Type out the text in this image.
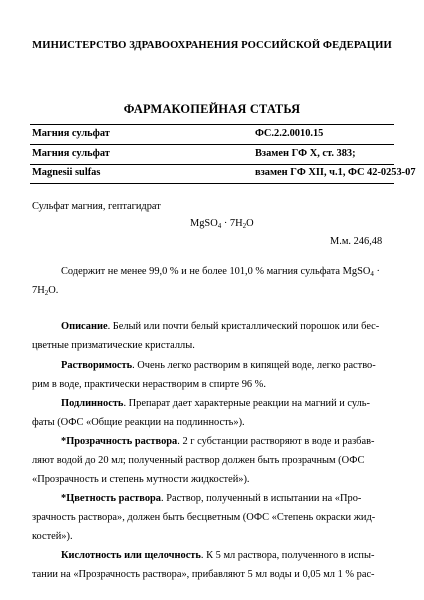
МИНИСТЕРСТВО ЗДРАВООХРАНЕНИЯ РОССИЙСКОЙ ФЕДЕРАЦИИ
ФАРМАКОПЕЙНАЯ СТАТЬЯ
Магния сульфат	ФС.2.2.0010.15
Магния сульфат	Взамен ГФ X, ст. 383;
Magnesii sulfas	взамен ГФ XII, ч.1, ФС 42-0253-07
Сульфат магния, гептагидрат
MgSO$_4$ · $7H_2O$
М.м. 246,48
Содержит не менее 99,0 % и не более 101,0 % магния сульфата MgSO$_4$ ·
$7H_2O$.
Описание. Белый или почти белый кристаллический порошок или бес-
цветные призматические кристаллы.
Растворимость. Очень легко растворим в кипящей воде, легко раство-
рим в воде, практически нерастворим в спирте 96 %.
Подлинность. Препарат дает характерные реакции на магний и суль-
фаты (ОФС «Общие реакции на подлинность»).
*Прозрачность раствора. 2 г субстанции растворяют в воде и разбав-
ляют водой до 20 мл; полученный раствор должен быть прозрачным (ОФС
«Прозрачность и степень мутности жидкостей»).
*Цветность раствора. Раствор, полученный в испытании на «Про-
зрачность раствора», должен быть бесцветным (ОФС «Степень окраски жид-
костей»).
Кислотность или щелочность. К 5 мл раствора, полученного в испы-
тании на «Прозрачность раствора», прибавляют 5 мл воды и 0,05 мл 1 % рас-
